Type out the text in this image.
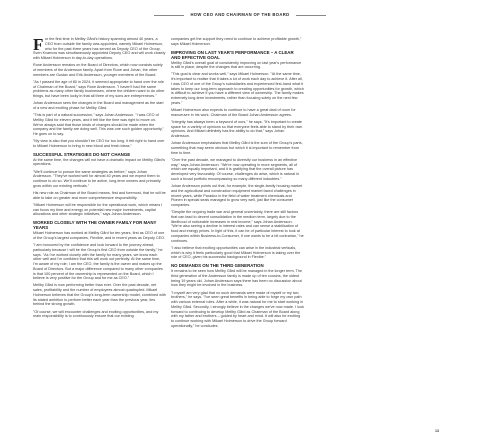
HOW CEO AND CHAIRMAN OF THE BOARD

For the first time in Mellby Gård's history spanning almost 40 years, a CEO from outside the family was appointed, namely Mikael Holmerson, who for the past three years has served as Deputy CEO of the Group. Sven Kvarnow was simultaneously appointed Deputy CEO and will work closely with Mikael Holmerson in day-to-day operations.

Rune Andersson remains on the Board of Directors, which now consists solely of members of the Andersson family. Apart from Rune and Johan, the other members are Gustav and Erik Andersson, younger members of the Board.

"As I passed the age of 80 in 2024, it seemed appropriate to hand over the role of Chairman of the Board," says Rune Andersson. "I haven't had the same problems as many other family businesses, where the children want to do other things, but have been lucky in that all three of my sons are entrepreneurs."

Johan Andersson sees the changes in the Board and management as the start of a new and exciting phase for Mellby Gård.

"This is part of a natural succession," says Johan Andersson. "I was CEO of Mellby Gård for eleven years, and it felt like the time was right to move on. We've always said that those kinds of changes should be made when the company and the family are doing well. This was one such golden opportunity," He goes on to say.

"My view is also that you shouldn't be CEO for too long. It felt right to hand over to Mikael Holmerson to bring in new blood and fresh ideas."

SUCCESSFUL STRATEGIES DO NOT CHANGE

At the same time, the changes will not have a dramatic impact on Mellby Gård's operations.

"We'll continue to pursue the same strategies as before," says Johan Andersson. "They've worked well for almost 40 years and we expect them to continue to do so. We'll continue to be active, long-term owners and primarily grow within our existing verticals."

His new role as Chairman of the Board means, first and foremost, that he will be able to take on greater and more comprehensive responsibility.

"Mikael Holmerson will be responsible for the operational work, which means I can focus my time and energy on potential new major investments, capital allocations and other strategic initiatives," says Johan Andersson.

WORKED CLOSELY WITH THE OWNER FAMILY FOR MANY YEARS

Mikael Holmerson has worked at Mellby Gård for ten years, first as CEO of one of the Group's largest companies, Flexible, and in recent years as Deputy CEO.

"I am honoured by the confidence and look forward to the journey ahead, particularly because I will be the Group's first CEO from outside the family," he says. "As I've worked closely with the family for many years, we know each other well and I'm confident that this will work out perfectly. At the same time, I'm aware of my role; I am the CEO, the family is the owner and makes up the Board of Directors. But a major difference compared to many other companies is that 100 percent of the ownership is represented on the Board, which I believe is very positive for the Group and for me as CEO."

Mellby Gård is now performing better than ever. Over the past decade, net sales, profitability and the number of employees almost quadrupled. Mikael Holmerson believes that the Group's long-term ownership model, combined with its stated ambition to perform better each year than the previous year, lies behind the strong growth.

"Of course, we will encounter challenges and exciting opportunities, and my main responsibility is to continuously ensure that our existing

companies get the support they need to continue to achieve profitable growth," says Mikael Holmerson.

IMPROVING ON LAST YEAR'S PERFORMANCE – A CLEAR AND EFFECTIVE GOAL

Mellby Gård's overall goal of consistently improving on last year's performance is still in place, despite the changes that are occurring.

"This goal is clear and works well," says Mikael Holmerson. "At the same time, it's important to realise that it takes a lot of work each day to achieve it. After all, I was CEO of one of the Group's subsidiaries and experienced first-hand what it takes to keep our long-term approach to creating opportunities for growth, which is difficult to achieve if you have a different view of ownership. The family makes extremely long-term investments, rather than focusing solely on the next few years."

Mikael Holmerson also expects to continue to have a great deal of room for manoeuvre in his work. Chairman of the Board Johan Andersson agrees.

"Integrity has always been a keyword of ours," he says. "It's important to create space for a variety of opinions so that everyone feels able to stand by their own opinions. And Mikael definitely has the ability to do that," says Johan Andersson.

Johan Andersson emphasises that Mellby Gård is the sum of the Group's parts, something that may seem obvious but which it is important to remember from time to time.

"Over the past decade, we managed to diversify our business in an effective way," says Johan Andersson. "We're now operating in more segments, all of which are equally important, and it is gratifying that the overall picture has developed very favourably. Of course, challenges do arise, which is natural in such a broad portfolio encompassing so many different industries."

Johan Andersson points out that, for example, the single-family housing market and the agricultural and construction equipment market faced challenges in recent years, while Paradox in the field of water treatment chemicals and Pionen in special seals managed to grow very well, just like the consumer companies.

"Despite the ongoing trade war and general uncertainty, there are still factors that can lead to decent consolidation in the medium term, largely due to the likelihood of noticeable increases in real income," says Johan Andersson. "We're also seeing a decline in interest rates and can sense a stabilisation of food and energy prices. In light of this, it can be of particular interest to look at companies within Business-to-Consumer, if one wants to be a bit contrarian," he continues.

"I also believe that exciting opportunities can arise in the industrial verticals, which is why it feels particularly good that Mikael Holmerson is taking over the role of CEO, given his successful background in Flexibe."

NO DEMANDS ON THE THIRD GENERATION

It remains to be seen how Mellby Gård will be managed in the longer term. The third generation of the Andersson family is made up of ten cousins, the oldest being 19 years old. Johan Andersson says there has been no discussion about how they might be involved in the business.

"I myself am very glad that no such demands were made of myself or my two brothers," he says. "I've seen great benefits in being able to forge my own path with various external roles. After a while, it was natural for me to start working in Mellby Gård. Secondly, I strongly believe in the changes we've now made. I look forward to continuing to develop Mellby Gård as Chairman of the Board along with my father and brothers – guided by heart and mind. It will also be exciting to continue working with Mikael Holmerson to drive the Group forward operationally," he concludes.

13
